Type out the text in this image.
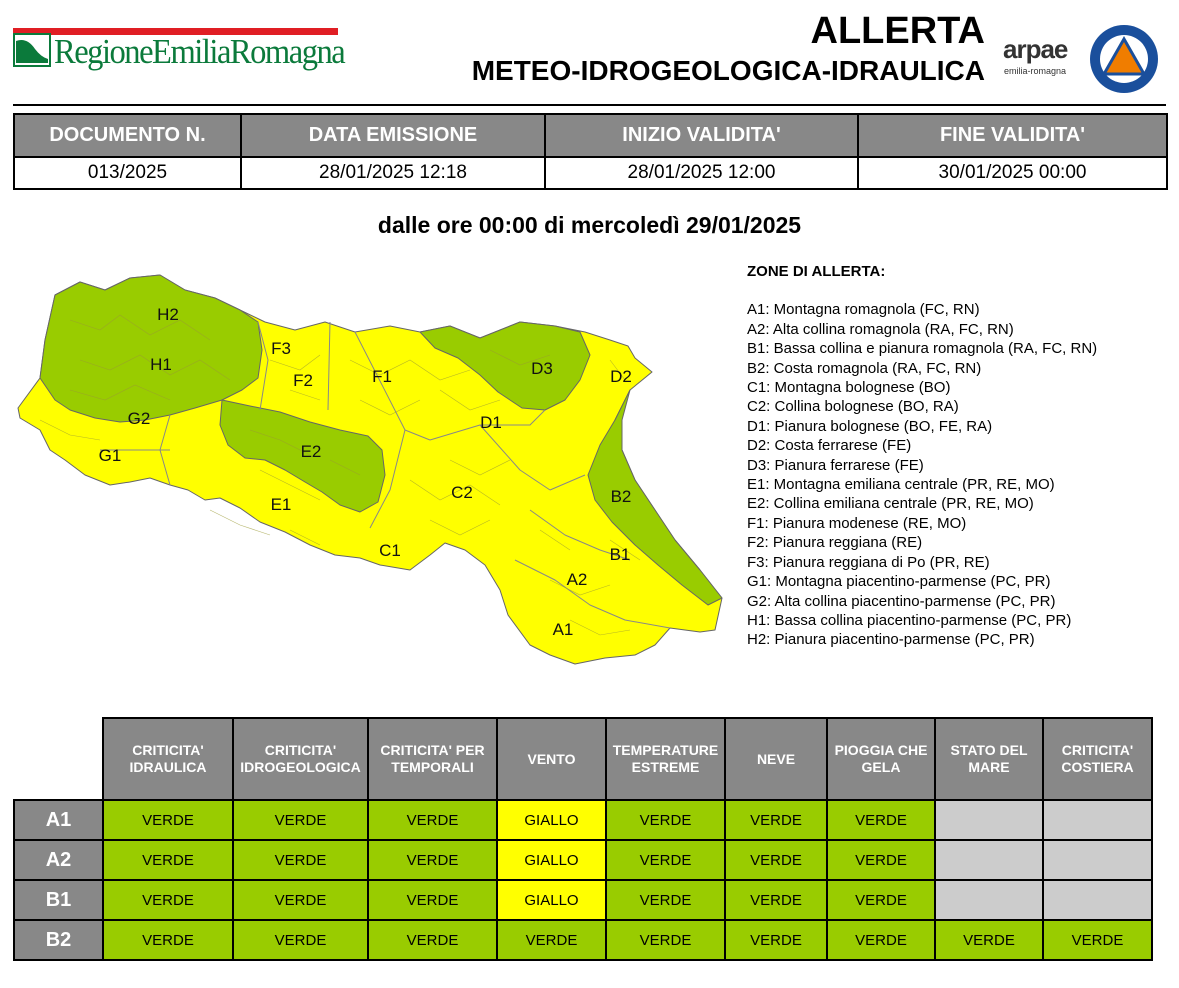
RegioneEmiliaRomagna	ALLERTA
METEO-IDROGEOLOGICA-IDRAULICA
arpae
emilia-romagna
DOCUMENTO N.	DATA EMISSIONE	INIZIO VALIDITA'	FINE VALIDITA'
013/2025	28/01/2025 12:18	28/01/2025 12:00	30/01/2025 00:00
dalle ore 00:00 di mercoledì 29/01/2025
H2
H1
G2
G1
F3
F2	F1
E2
E1
D3	D2
D1
C2
C1
B2
B1
A2
A1
ZONE DI ALLERTA:
A1: Montagna romagnola (FC, RN)
A2: Alta collina romagnola (RA, FC, RN)
B1: Bassa collina e pianura romagnola (RA, FC, RN)
B2: Costa romagnola (RA, FC, RN)
C1: Montagna bolognese (BO)
C2: Collina bolognese (BO, RA)
D1: Pianura bolognese (BO, FE, RA)
D2: Costa ferrarese (FE)
D3: Pianura ferrarese (FE)
E1: Montagna emiliana centrale (PR, RE, MO)
E2: Collina emiliana centrale (PR, RE, MO)
F1: Pianura modenese (RE, MO)
F2: Pianura reggiana (RE)
F3: Pianura reggiana di Po (PR, RE)
G1: Montagna piacentino-parmense (PC, PR)
G2: Alta collina piacentino-parmense (PC, PR)
H1: Bassa collina piacentino-parmense (PC, PR)
H2: Pianura piacentino-parmense (PC, PR)
	CRITICITA' IDRAULICA	CRITICITA' IDROGEOLOGICA	CRITICITA' PER TEMPORALI	VENTO	TEMPERATURE ESTREME	NEVE	PIOGGIA CHE GELA	STATO DEL MARE	CRITICITA' COSTIERA
A1	VERDE	VERDE	VERDE	GIALLO	VERDE	VERDE	VERDE		
A2	VERDE	VERDE	VERDE	GIALLO	VERDE	VERDE	VERDE		
B1	VERDE	VERDE	VERDE	GIALLO	VERDE	VERDE	VERDE		
B2	VERDE	VERDE	VERDE	VERDE	VERDE	VERDE	VERDE	VERDE	VERDE
